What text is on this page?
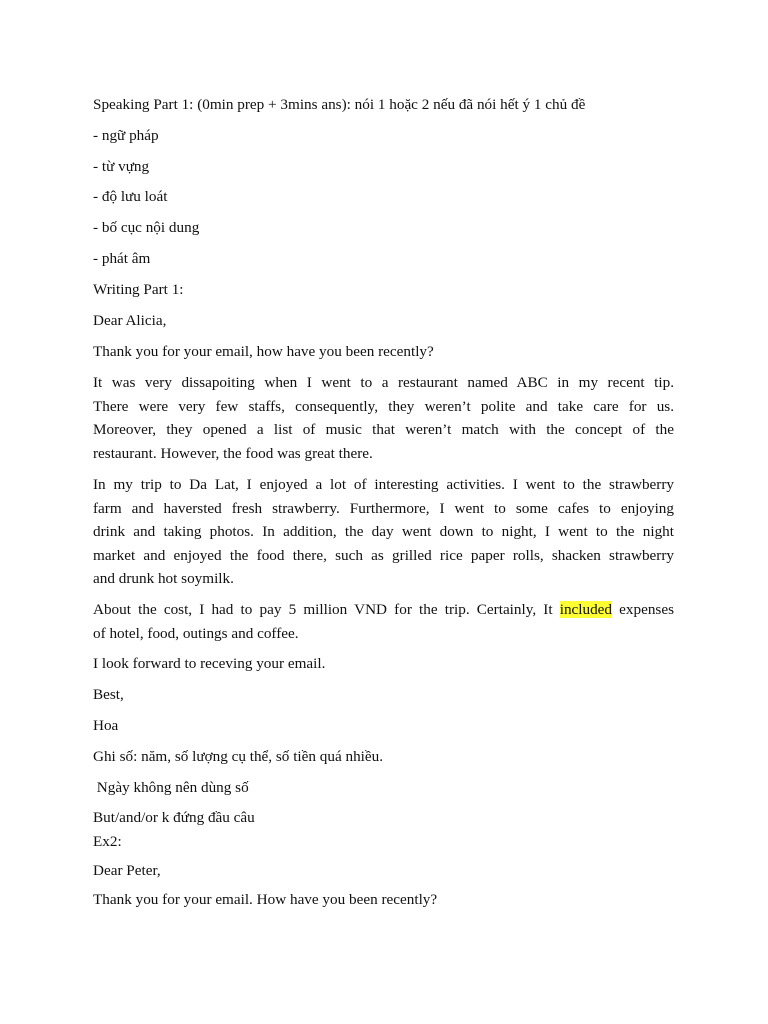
Speaking Part 1: (0min prep + 3mins ans): nói 1 hoặc 2 nếu đã nói hết ý 1 chủ đề
- ngữ pháp
- từ vựng
- độ lưu loát
- bố cục nội dung
- phát âm
Writing Part 1:
Dear Alicia,
Thank you for your email, how have you been recently?
It was very dissapoiting when I went to a restaurant named ABC in my recent tip.
There were very few staffs, consequently, they weren’t polite and take care for us.
Moreover, they opened a list of music that weren’t match with the concept of the
restaurant. However, the food was great there.
In my trip to Da Lat, I enjoyed a lot of interesting activities. I went to the strawberry
farm and haversted fresh strawberry. Furthermore, I went to some cafes to enjoying
drink and taking photos. In addition, the day went down to night, I went to the night
market and enjoyed the food there, such as grilled rice paper rolls, shacken strawberry
and drunk hot soymilk.
About the cost, I had to pay 5 million VND for the trip. Certainly, It included expenses
of hotel, food, outings and coffee.
I look forward to receving your email.
Best,
Hoa
Ghi số: năm, số lượng cụ thể, số tiền quá nhiều.
Ngày không nên dùng số
But/and/or k đứng đầu câu
Ex2:
Dear Peter,
Thank you for your email. How have you been recently?
